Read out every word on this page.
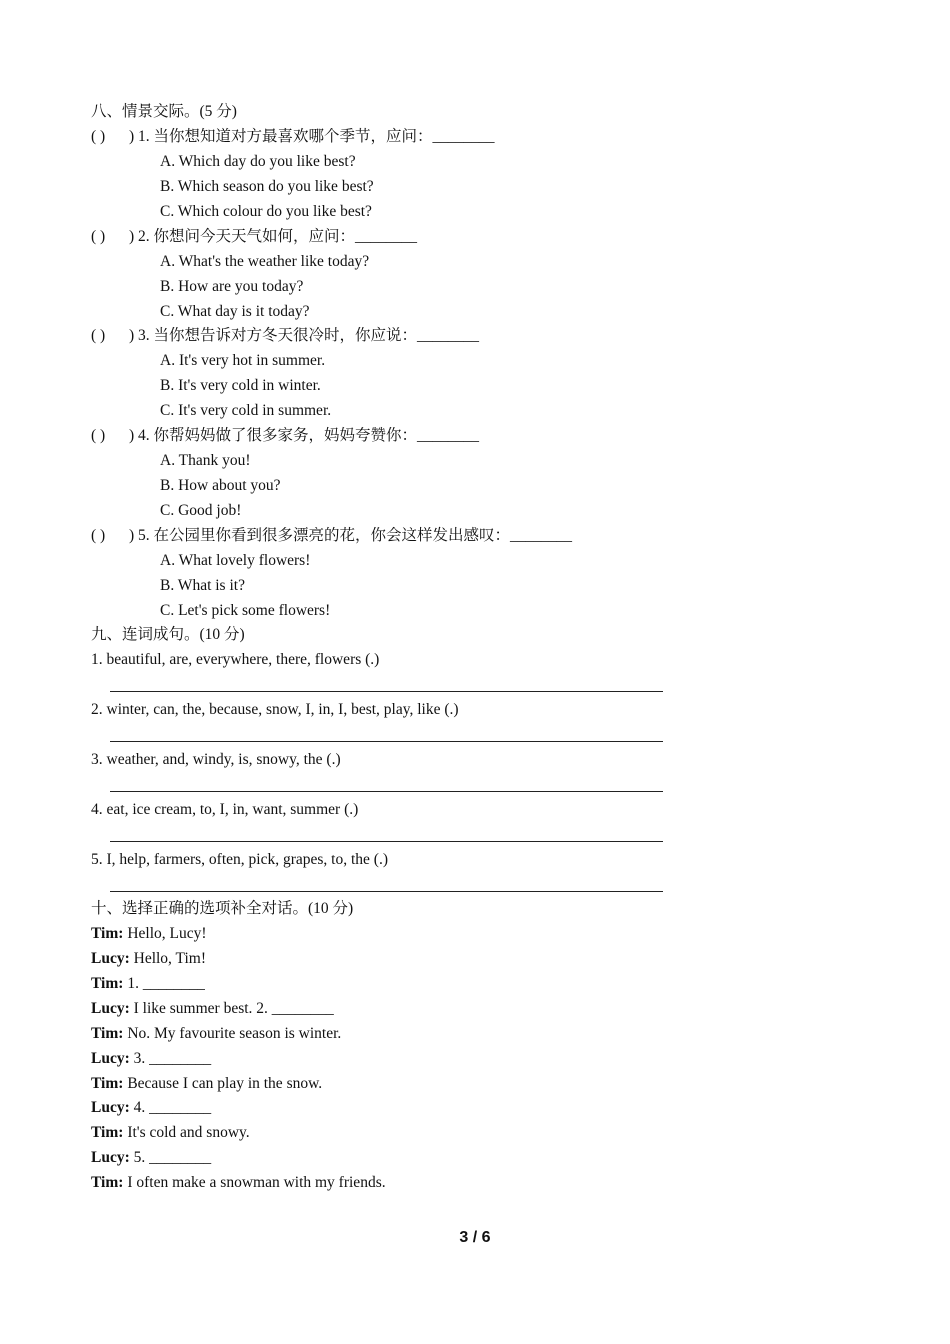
八、情景交际。(5 分)
( ) ) 1. 当你想知道对方最喜欢哪个季节，应问：________
A. Which day do you like best?
B. Which season do you like best?
C. Which colour do you like best?
( ) ) 2. 你想问今天天气如何，应问：________
A. What's the weather like today?
B. How are you today?
C. What day is it today?
( ) ) 3. 当你想告诉对方冬天很冷时，你应说：________
A. It's very hot in summer.
B. It's very cold in winter.
C. It's very cold in summer.
( ) ) 4. 你帮妈妈做了很多家务，妈妈夸赞你：________
A. Thank you!
B. How about you?
C. Good job!
( ) ) 5. 在公园里你看到很多漂亮的花，你会这样发出感叹：________
A. What lovely flowers!
B. What is it?
C. Let's pick some flowers!
九、连词成句。(10 分)
1. beautiful, are, everywhere, there, flowers (.)
2. winter, can, the, because, snow, I, in, I, best, play, like (.)
3. weather, and, windy, is, snowy, the (.)
4. eat, ice cream, to, I, in, want, summer (.)
5. I, help, farmers, often, pick, grapes, to, the (.)
十、选择正确的选项补全对话。(10 分)
Tim: Hello, Lucy!
Lucy: Hello, Tim!
Tim: 1. ________
Lucy: I like summer best. 2. ________
Tim: No. My favourite season is winter.
Lucy: 3. ________
Tim: Because I can play in the snow.
Lucy: 4. ________
Tim: It's cold and snowy.
Lucy: 5. ________
Tim: I often make a snowman with my friends.
3 / 6
